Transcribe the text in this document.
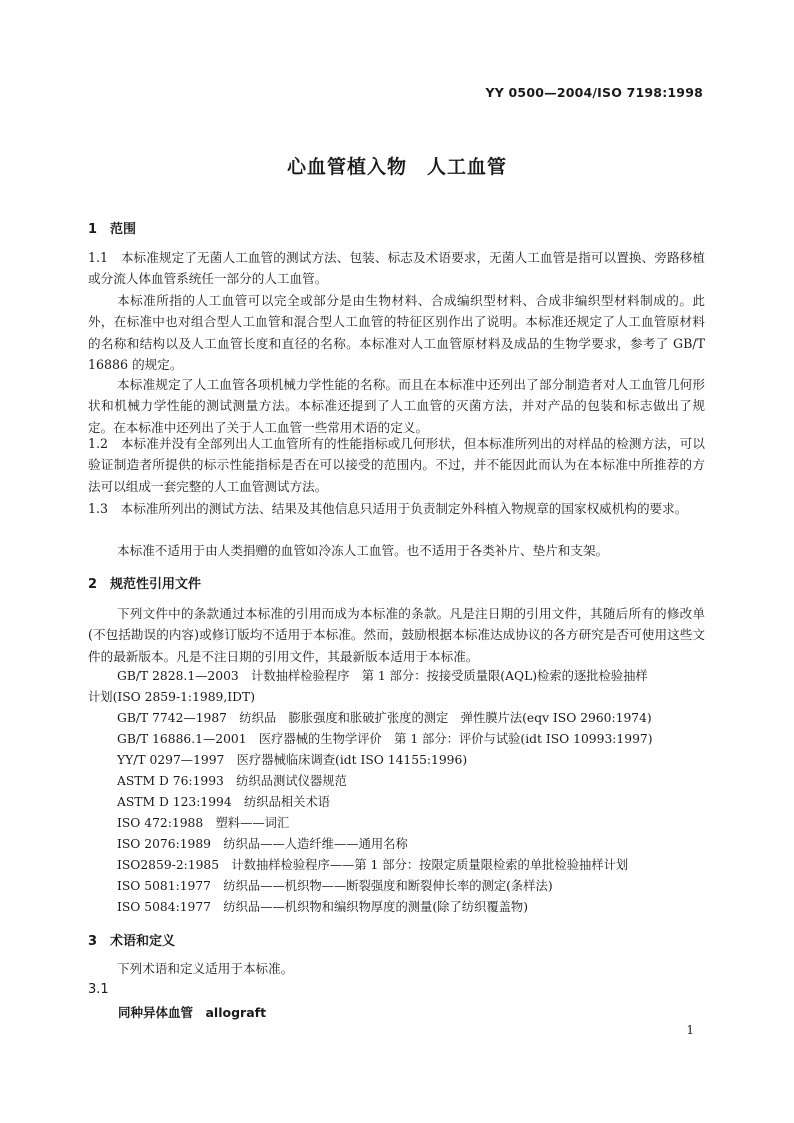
YY 0500—2004/ISO 7198:1998
心血管植入物　人工血管
1　范围
1.1　本标准规定了无菌人工血管的测试方法、包装、标志及术语要求，无菌人工血管是指可以置换、旁路移植或分流人体血管系统任一部分的人工血管。
本标准所指的人工血管可以完全或部分是由生物材料、合成编织型材料、合成非编织型材料制成的。此外，在标准中也对组合型人工血管和混合型人工血管的特征区别作出了说明。本标准还规定了人工血管原材料的名称和结构以及人工血管长度和直径的名称。本标准对人工血管原材料及成品的生物学要求，参考了 GB/T 16886 的规定。
本标准规定了人工血管各项机械力学性能的名称。而且在本标准中还列出了部分制造者对人工血管几何形状和机械力学性能的测试测量方法。本标准还提到了人工血管的灭菌方法，并对产品的包装和标志做出了规定。在本标准中还列出了关于人工血管一些常用术语的定义。
1.2　本标准并没有全部列出人工血管所有的性能指标或几何形状，但本标准所列出的对样品的检测方法，可以验证制造者所提供的标示性能指标是否在可以接受的范围内。不过，并不能因此而认为在本标准中所推荐的方法可以组成一套完整的人工血管测试方法。
1.3　本标准所列出的测试方法、结果及其他信息只适用于负责制定外科植入物规章的国家权威机构的要求。
本标准不适用于由人类捐赠的血管如冷冻人工血管。也不适用于各类补片、垫片和支架。
2　规范性引用文件
下列文件中的条款通过本标准的引用而成为本标准的条款。凡是注日期的引用文件，其随后所有的修改单(不包括勘误的内容)或修订版均不适用于本标准。然而，鼓励根据本标准达成协议的各方研究是否可使用这些文件的最新版本。凡是不注日期的引用文件，其最新版本适用于本标准。
GB/T 2828.1—2003　计数抽样检验程序　第 1 部分：按接受质量限(AQL)检索的逐批检验抽样
计划(ISO 2859-1:1989,IDT)
GB/T 7742—1987　纺织品　膨胀强度和胀破扩张度的测定　弹性膜片法(eqv ISO 2960:1974)
GB/T 16886.1—2001　医疗器械的生物学评价　第 1 部分：评价与试验(idt ISO 10993:1997)
YY/T 0297—1997　医疗器械临床调查(idt ISO 14155:1996)
ASTM D 76:1993　纺织品测试仪器规范
ASTM D 123:1994　纺织品相关术语
ISO 472:1988　塑料——词汇
ISO 2076:1989　纺织品——人造纤维——通用名称
ISO2859-2:1985　计数抽样检验程序——第 1 部分：按限定质量限检索的单批检验抽样计划
ISO 5081:1977　纺织品——机织物——断裂强度和断裂伸长率的测定(条样法)
ISO 5084:1977　纺织品——机织物和编织物厚度的测量(除了纺织覆盖物)
3　术语和定义
下列术语和定义适用于本标准。
3.1
同种异体血管　allograft
1
